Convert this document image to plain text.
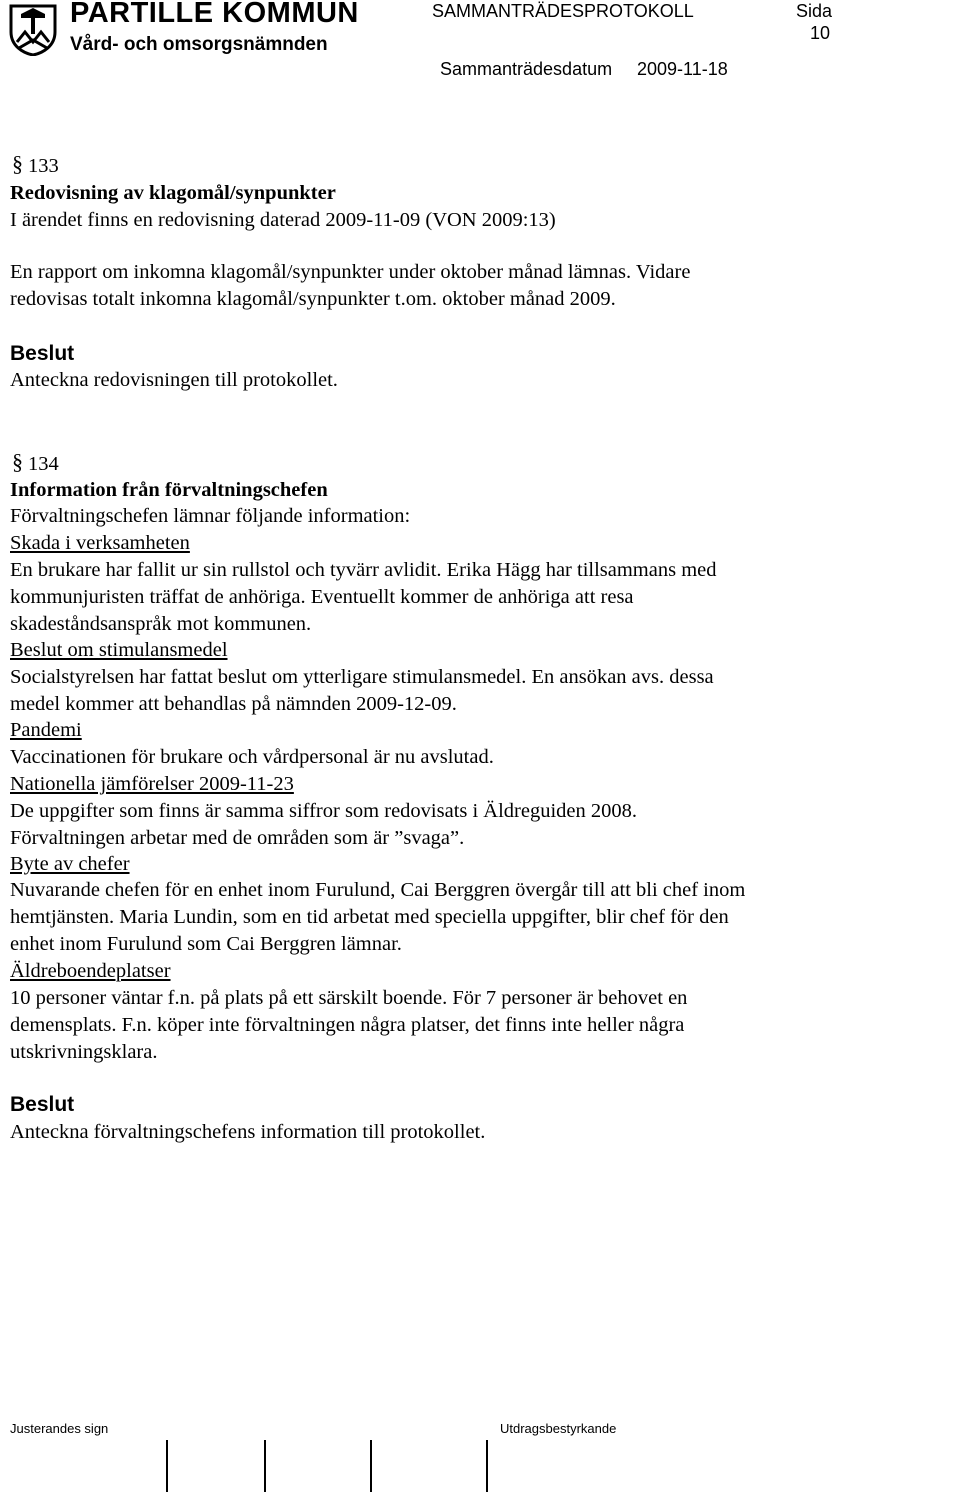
PARTILLE KOMMUN
Vård- och omsorgsnämnden
SAMMANTRÄDESPROTOKOLL	Sida
10
Sammanträdesdatum 2009-11-18
§ 133
Redovisning av klagomål/synpunkter
I ärendet finns en redovisning daterad 2009-11-09 (VON 2009:13)
En rapport om inkomna klagomål/synpunkter under oktober månad lämnas. Vidare
redovisas totalt inkomna klagomål/synpunkter t.om. oktober månad 2009.
Beslut
Anteckna redovisningen till protokollet.
§ 134
Information från förvaltningschefen
Förvaltningschefen lämnar följande information:
Skada i verksamheten
En brukare har fallit ur sin rullstol och tyvärr avlidit. Erika Hägg har tillsammans med
kommunjuristen träffat de anhöriga. Eventuellt kommer de anhöriga att resa
skadeståndsanspråk mot kommunen.
Beslut om stimulansmedel
Socialstyrelsen har fattat beslut om ytterligare stimulansmedel. En ansökan avs. dessa
medel kommer att behandlas på nämnden 2009-12-09.
Pandemi
Vaccinationen för brukare och vårdpersonal är nu avslutad.
Nationella jämförelser 2009-11-23
De uppgifter som finns är samma siffror som redovisats i Äldreguiden 2008.
Förvaltningen arbetar med de områden som är ”svaga”.
Byte av chefer
Nuvarande chefen för en enhet inom Furulund, Cai Berggren övergår till att bli chef inom
hemtjänsten. Maria Lundin, som en tid arbetat med speciella uppgifter, blir chef för den
enhet inom Furulund som Cai Berggren lämnar.
Äldreboendeplatser
10 personer väntar f.n. på plats på ett särskilt boende. För 7 personer är behovet en
demensplats. F.n. köper inte förvaltningen några platser, det finns inte heller några
utskrivningsklara.
Beslut
Anteckna förvaltningschefens information till protokollet.
Justerandes sign	Utdragsbestyrkande
